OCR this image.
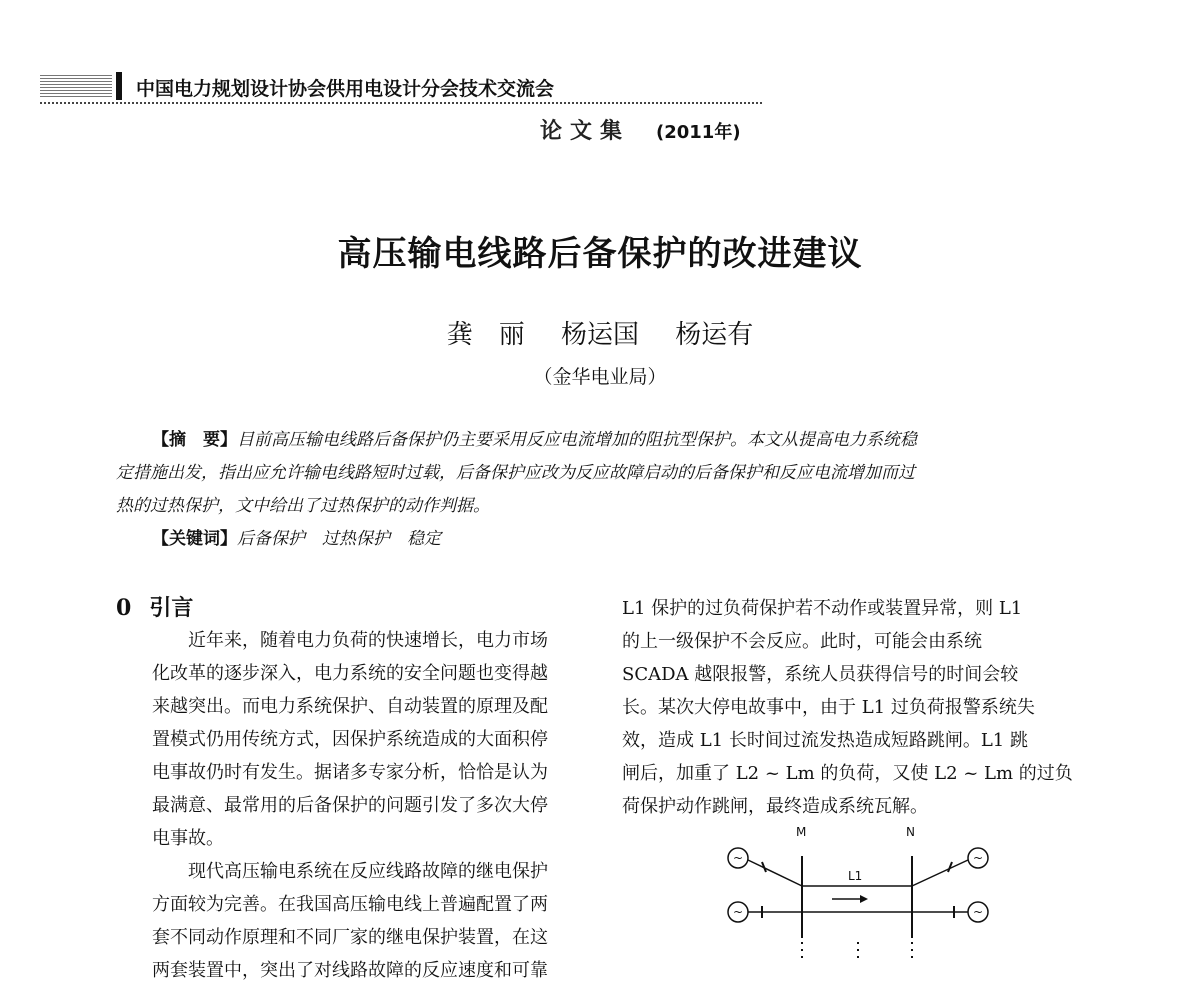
中国电力规划设计协会供用电设计分会技术交流会
论文集 (2011年)
高压输电线路后备保护的改进建议
龚　丽 杨运国 杨运有
（金华电业局）
【摘　要】目前高压输电线路后备保护仍主要采用反应电流增加的阻抗型保护。本文从提高电力系统稳
定措施出发，指出应允许输电线路短时过载，后备保护应改为反应故障启动的后备保护和反应电流增加而过
热的过热保护，文中给出了过热保护的动作判据。
【关键词】后备保护　过热保护　稳定
0 引言
近年来，随着电力负荷的快速增长，电力市场
化改革的逐步深入，电力系统的安全问题也变得越
来越突出。而电力系统保护、自动装置的原理及配
置模式仍用传统方式，因保护系统造成的大面积停
电事故仍时有发生。据诸多专家分析，恰恰是认为
最满意、最常用的后备保护的问题引发了多次大停
电事故。
现代高压输电系统在反应线路故障的继电保护
方面较为完善。在我国高压输电线上普遍配置了两
套不同动作原理和不同厂家的继电保护装置，在这
两套装置中，突出了对线路故障的反应速度和可靠
L1 保护的过负荷保护若不动作或装置异常，则 L1
的上一级保护不会反应。此时，可能会由系统
SCADA 越限报警，系统人员获得信号的时间会较
长。某次大停电故事中，由于 L1 过负荷报警系统失
效，造成 L1 长时间过流发热造成短路跳闸。L1 跳
闸后，加重了 L2 ~ Lm 的负荷，又使 L2 ~ Lm 的过负
荷保护动作跳闸，最终造成系统瓦解。
M	N
L1
~
~
~
~
